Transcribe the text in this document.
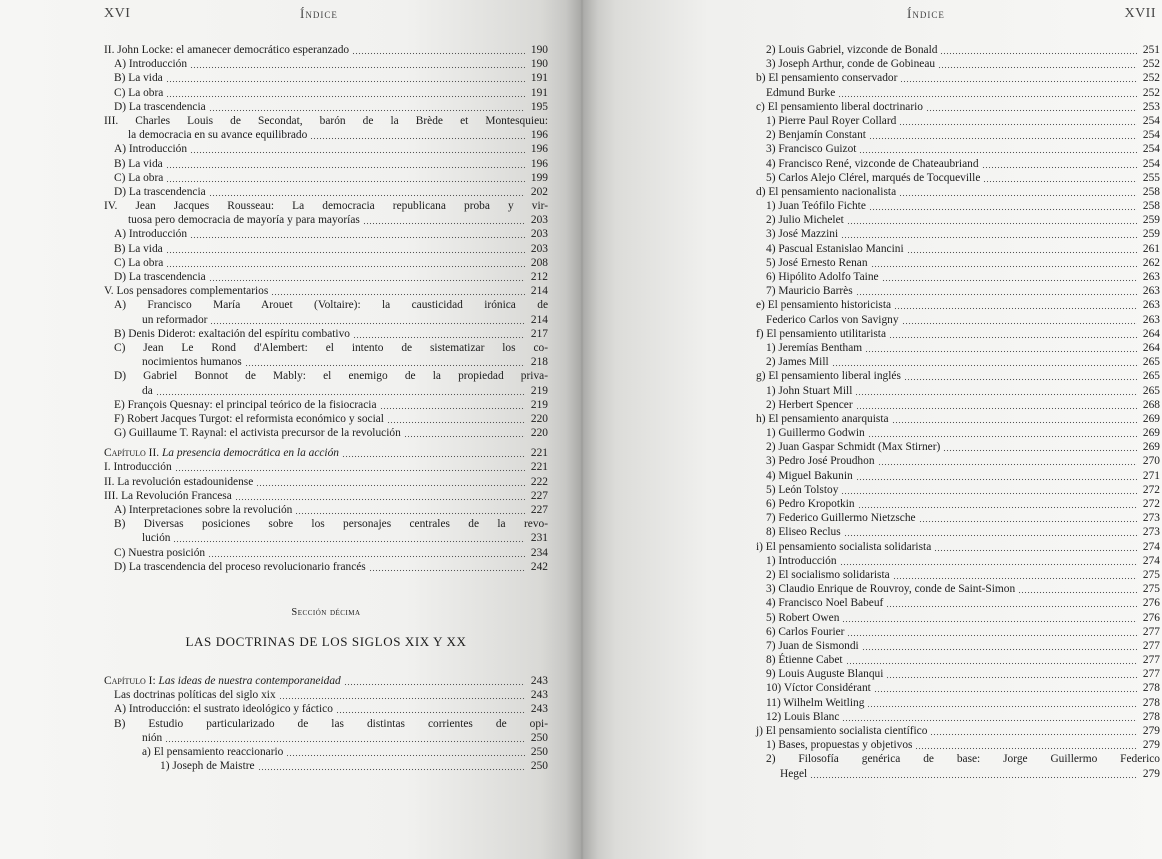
XVI	Índice
II. John Locke: el amanecer democrático esperanzado	190
A) Introducción	190
B) La vida	191
C) La obra	191
D) La trascendencia	195
III. Charles Louis de Secondat, barón de la Brède et Montesquieu:
la democracia en su avance equilibrado	196
A) Introducción	196
B) La vida	196
C) La obra	199
D) La trascendencia	202
IV. Jean Jacques Rousseau: La democracia republicana proba y vir-
tuosa pero democracia de mayoría y para mayorías	203
A) Introducción	203
B) La vida	203
C) La obra	208
D) La trascendencia	212
V. Los pensadores complementarios	214
A) Francisco María Arouet (Voltaire): la causticidad irónica de
un reformador	214
B) Denis Diderot: exaltación del espíritu combativo	217
C) Jean Le Rond d'Alembert: el intento de sistematizar los co-
nocimientos humanos	218
D) Gabriel Bonnot de Mably: el enemigo de la propiedad priva-
da	219
E) François Quesnay: el principal teórico de la fisiocracia	219
F) Robert Jacques Turgot: el reformista económico y social	220
G) Guillaume T. Raynal: el activista precursor de la revolución	220
Capítulo II. La presencia democrática en la acción	221
I. Introducción	221
II. La revolución estadounidense	222
III. La Revolución Francesa	227
A) Interpretaciones sobre la revolución	227
B) Diversas posiciones sobre los personajes centrales de la revo-
lución	231
C) Nuestra posición	234
D) La trascendencia del proceso revolucionario francés	242
Sección décima
LAS DOCTRINAS DE LOS SIGLOS XIX Y XX
Capítulo I: Las ideas de nuestra contemporaneidad	243
Las doctrinas políticas del siglo xix	243
A) Introducción: el sustrato ideológico y fáctico	243
B) Estudio particularizado de las distintas corrientes de opi-
nión	250
a) El pensamiento reaccionario	250
1) Joseph de Maistre	250
Índice	XVII
2) Louis Gabriel, vizconde de Bonald	251
3) Joseph Arthur, conde de Gobineau	252
b) El pensamiento conservador	252
Edmund Burke	252
c) El pensamiento liberal doctrinario	253
1) Pierre Paul Royer Collard	254
2) Benjamín Constant	254
3) Francisco Guizot	254
4) Francisco René, vizconde de Chateaubriand	254
5) Carlos Alejo Clérel, marqués de Tocqueville	255
d) El pensamiento nacionalista	258
1) Juan Teófilo Fichte	258
2) Julio Michelet	259
3) José Mazzini	259
4) Pascual Estanislao Mancini	261
5) José Ernesto Renan	262
6) Hipólito Adolfo Taine	263
7) Mauricio Barrès	263
e) El pensamiento historicista	263
Federico Carlos von Savigny	263
f) El pensamiento utilitarista	264
1) Jeremías Bentham	264
2) James Mill	265
g) El pensamiento liberal inglés	265
1) John Stuart Mill	265
2) Herbert Spencer	268
h) El pensamiento anarquista	269
1) Guillermo Godwin	269
2) Juan Gaspar Schmidt (Max Stirner)	269
3) Pedro José Proudhon	270
4) Miguel Bakunin	271
5) León Tolstoy	272
6) Pedro Kropotkin	272
7) Federico Guillermo Nietzsche	273
8) Eliseo Reclus	273
i) El pensamiento socialista solidarista	274
1) Introducción	274
2) El socialismo solidarista	275
3) Claudio Enrique de Rouvroy, conde de Saint-Simon	275
4) Francisco Noel Babeuf	276
5) Robert Owen	276
6) Carlos Fourier	277
7) Juan de Sismondi	277
8) Étienne Cabet	277
9) Louis Auguste Blanqui	277
10) Víctor Considérant	278
11) Wilhelm Weitling	278
12) Louis Blanc	278
j) El pensamiento socialista científico	279
1) Bases, propuestas y objetivos	279
2) Filosofía genérica de base: Jorge Guillermo Federico
Hegel	279
